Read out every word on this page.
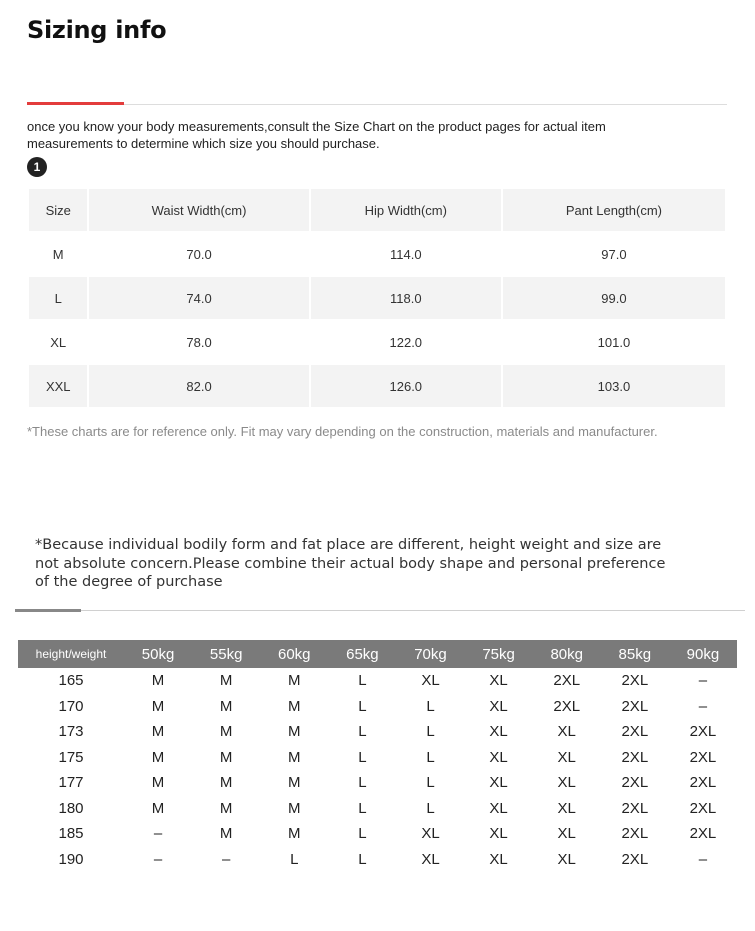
Sizing info
once you know your body measurements,consult the Size Chart on the product pages for actual item measurements to determine which size you should purchase.
1
Size	Waist Width(cm)	Hip Width(cm)	Pant Length(cm)
M	70.0	114.0	97.0
L	74.0	118.0	99.0
XL	78.0	122.0	101.0
XXL	82.0	126.0	103.0
*These charts are for reference only. Fit may vary depending on the construction, materials and manufacturer.
*Because individual bodily form and fat place are different, height weight and size are not absolute concern.Please combine their actual body shape and personal preference of the degree of purchase
height/weight	50kg	55kg	60kg	65kg	70kg	75kg	80kg	85kg	90kg
165	M	M	M	L	XL	XL	2XL	2XL	–
170	M	M	M	L	L	XL	2XL	2XL	–
173	M	M	M	L	L	XL	XL	2XL	2XL
175	M	M	M	L	L	XL	XL	2XL	2XL
177	M	M	M	L	L	XL	XL	2XL	2XL
180	M	M	M	L	L	XL	XL	2XL	2XL
185	–	M	M	L	XL	XL	XL	2XL	2XL
190	–	–	L	L	XL	XL	XL	2XL	–
